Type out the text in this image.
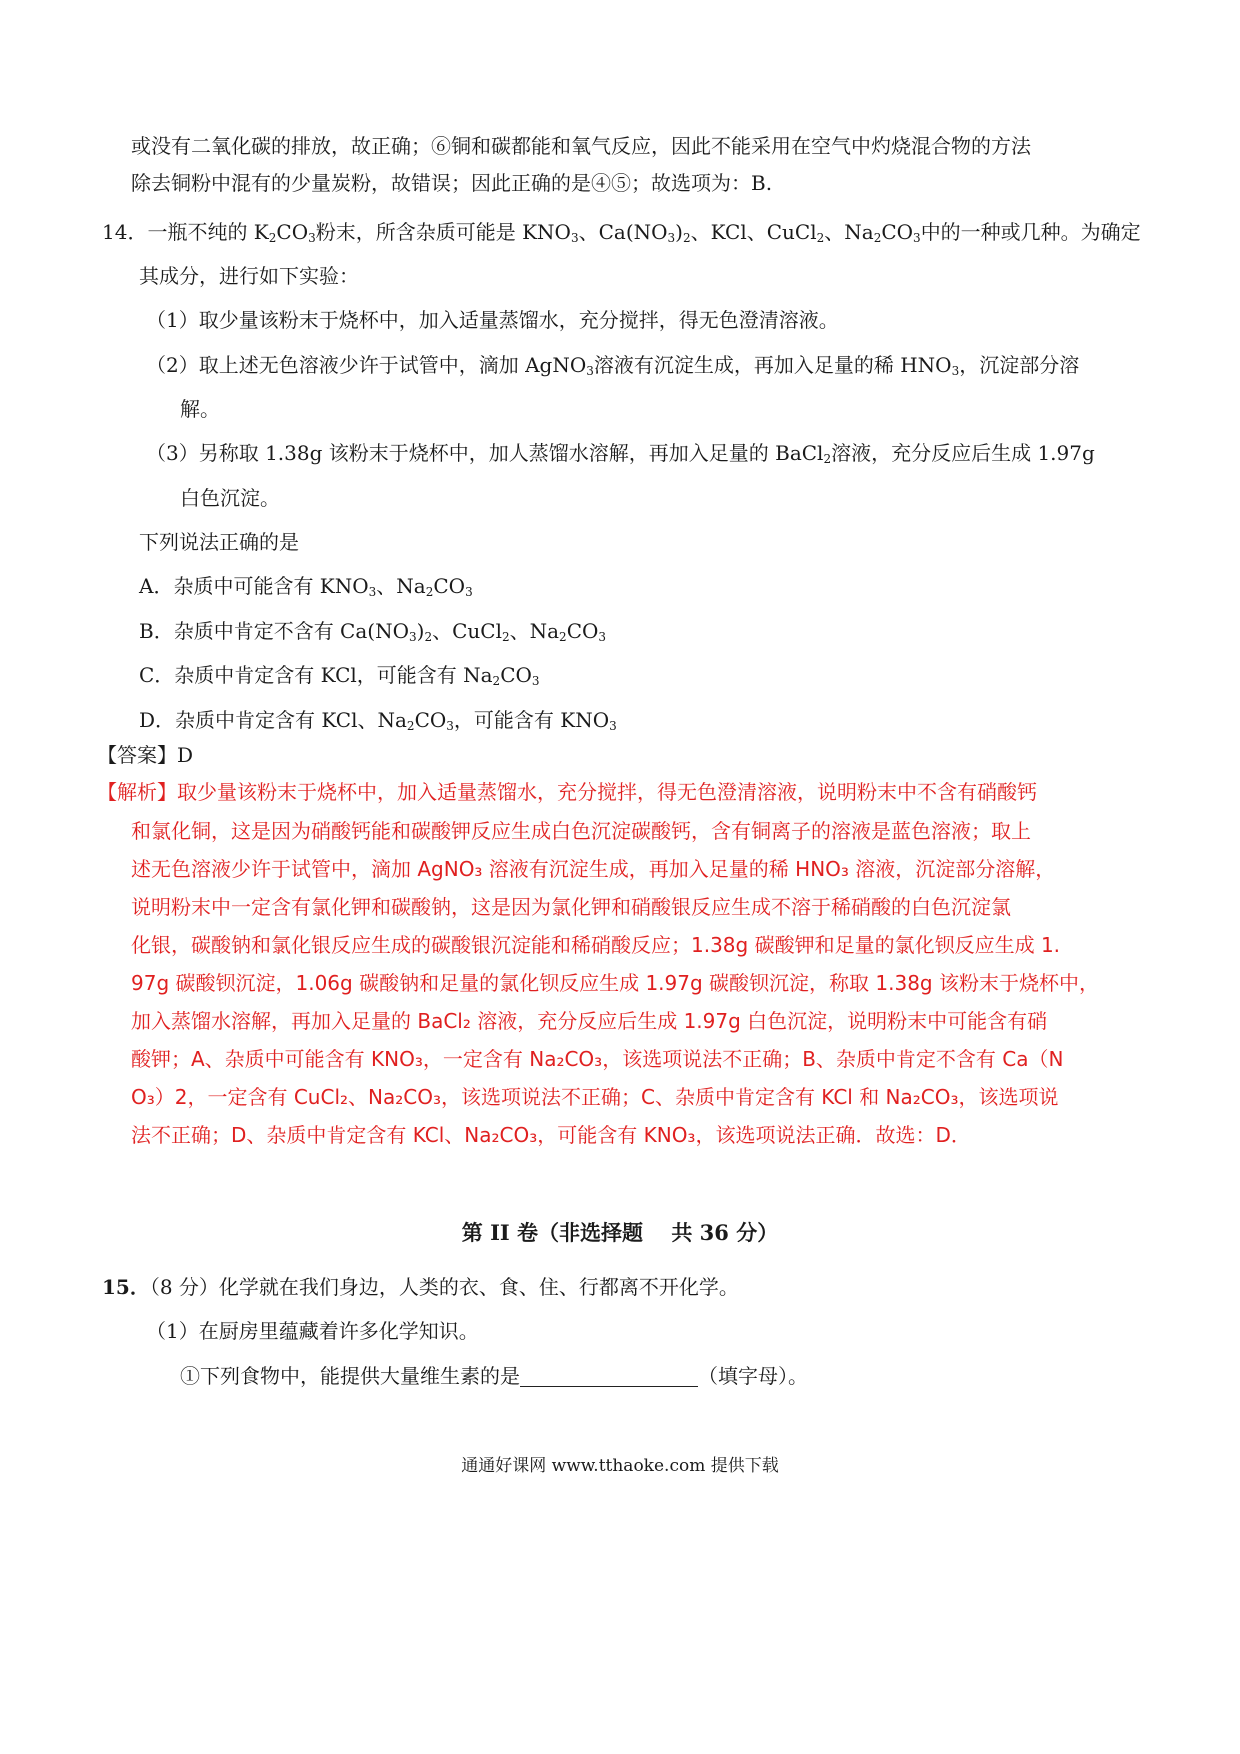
或没有二氧化碳的排放，故正确；⑥铜和碳都能和氧气反应，因此不能采用在空气中灼烧混合物的方法
除去铜粉中混有的少量炭粉，故错误；因此正确的是④⑤；故选项为：B.
14．一瓶不纯的 $K_2CO_3$粉末，所含杂质可能是 $KNO_3$、$Ca(NO_3)_2$、KCl、CuCl$_2$、$Na_2CO_3$中的一种或几种。为确定
其成分，进行如下实验：
（1）取少量该粉末于烧杯中，加入适量蒸馏水，充分搅拌，得无色澄清溶液。
（2）取上述无色溶液少许于试管中，滴加 AgNO$_3$溶液有沉淀生成，再加入足量的稀 $HNO_3$，沉淀部分溶
解。
（3）另称取 1.38g 该粉末于烧杯中，加人蒸馏水溶解，再加入足量的 BaCl$_2$溶液，充分反应后生成 1.97g
白色沉淀。
下列说法正确的是
A．杂质中可能含有 $KNO_3$、$Na_2CO_3$
B．杂质中肯定不含有 $Ca(NO_3)_2$、CuCl$_2$、$Na_2CO_3$
C．杂质中肯定含有 KCl，可能含有 $Na_2CO_3$
D．杂质中肯定含有 KCl、$Na_2CO_3$，可能含有 $KNO_3$
【答案】D
【解析】取少量该粉末于烧杯中，加入适量蒸馏水，充分搅拌，得无色澄清溶液，说明粉末中不含有硝酸钙
和氯化铜，这是因为硝酸钙能和碳酸钾反应生成白色沉淀碳酸钙，含有铜离子的溶液是蓝色溶液；取上
述无色溶液少许于试管中，滴加 AgNO₃ 溶液有沉淀生成，再加入足量的稀 HNO₃ 溶液，沉淀部分溶解，
说明粉末中一定含有氯化钾和碳酸钠，这是因为氯化钾和硝酸银反应生成不溶于稀硝酸的白色沉淀氯
化银，碳酸钠和氯化银反应生成的碳酸银沉淀能和稀硝酸反应；1.38g 碳酸钾和足量的氯化钡反应生成 1.
97g 碳酸钡沉淀，1.06g 碳酸钠和足量的氯化钡反应生成 1.97g 碳酸钡沉淀，称取 1.38g 该粉末于烧杯中，
加入蒸馏水溶解，再加入足量的 BaCl₂ 溶液，充分反应后生成 1.97g 白色沉淀，说明粉末中可能含有硝
酸钾；A、杂质中可能含有 KNO₃，一定含有 Na₂CO₃，该选项说法不正确；B、杂质中肯定不含有 Ca（N
O₃）2，一定含有 CuCl₂、Na₂CO₃，该选项说法不正确；C、杂质中肯定含有 KCl 和 Na₂CO₃，该选项说
法不正确；D、杂质中肯定含有 KCl、Na₂CO₃，可能含有 KNO₃，该选项说法正确．故选：D．
第 II 卷（非选择题　 共 36 分）
15．（8 分）化学就在我们身边，人类的衣、食、住、行都离不开化学。
（1）在厨房里蕴藏着许多化学知识。
①下列食物中，能提供大量维生素的是	（填字母）。
通通好课网 www.tthaoke.com 提供下载
